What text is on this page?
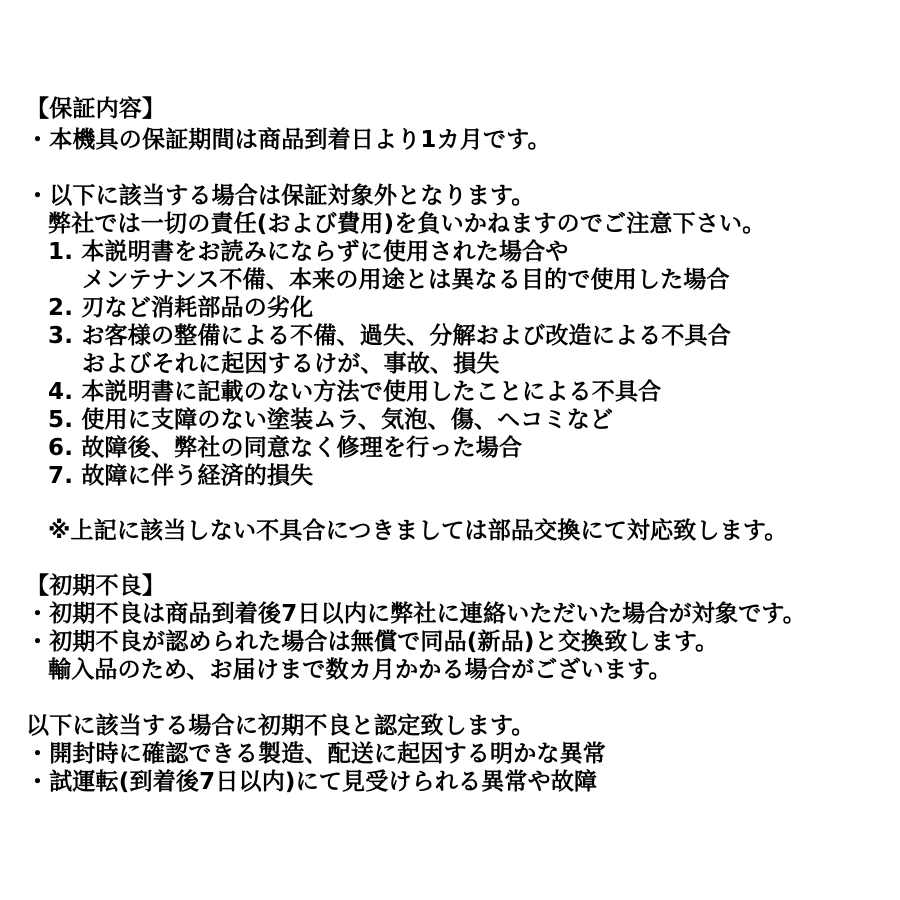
【保証内容】
・本機具の保証期間は商品到着日より1カ月です。
・以下に該当する場合は保証対象外となります。
弊社では一切の責任(および費用)を負いかねますのでご注意下さい。
1. 本説明書をお読みにならずに使用された場合や
メンテナンス不備、本来の用途とは異なる目的で使用した場合
2. 刃など消耗部品の劣化
3. お客様の整備による不備、過失、分解および改造による不具合
およびそれに起因するけが、事故、損失
4. 本説明書に記載のない方法で使用したことによる不具合
5. 使用に支障のない塗装ムラ、気泡、傷、ヘコミなど
6. 故障後、弊社の同意なく修理を行った場合
7. 故障に伴う経済的損失
※上記に該当しない不具合につきましては部品交換にて対応致します。
【初期不良】
・初期不良は商品到着後7日以内に弊社に連絡いただいた場合が対象です。
・初期不良が認められた場合は無償で同品(新品)と交換致します。
輸入品のため、お届けまで数カ月かかる場合がございます。
以下に該当する場合に初期不良と認定致します。
・開封時に確認できる製造、配送に起因する明かな異常
・試運転(到着後7日以内)にて見受けられる異常や故障
